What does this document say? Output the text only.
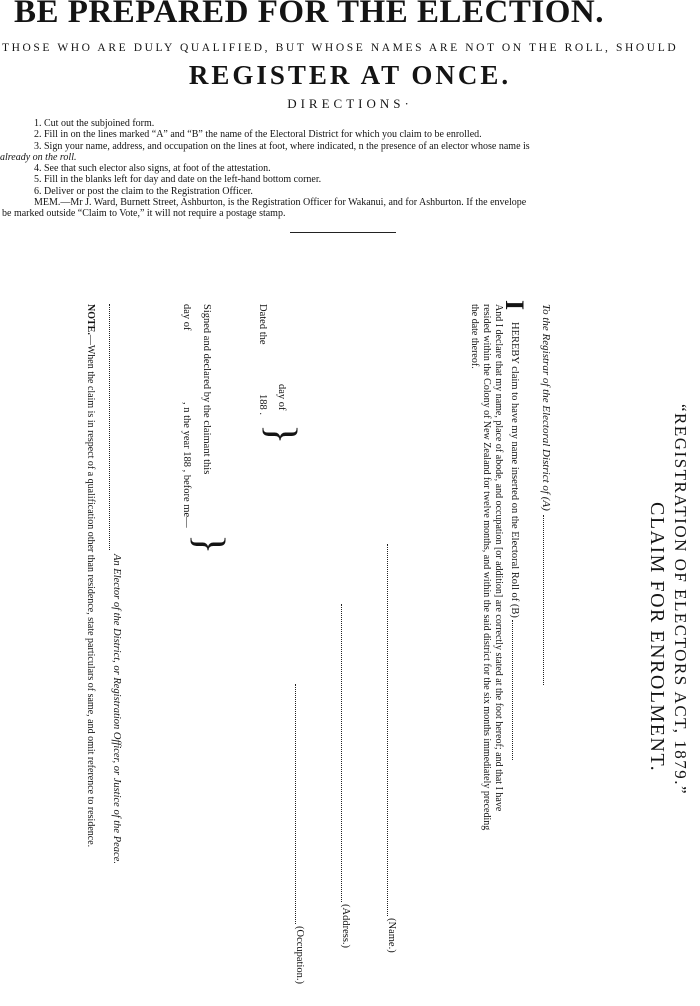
BE PREPARED FOR THE ELECTION.
THOSE WHO ARE DULY QUALIFIED, BUT WHOSE NAMES ARE NOT ON THE ROLL, SHOULD
REGISTER AT ONCE.
DIRECTIONS·
1. Cut out the subjoined form.
2. Fill in on the lines marked “A” and “B” the name of the Electoral District for which you claim to be enrolled.
3. Sign your name, address, and occupation on the lines at foot, where indicated, n the presence of an elector whose name is
already on the roll.
4. See that such elector also signs, at foot of the attestation.
5. Fill in the blanks left for day and date on the left-hand bottom corner.
6. Deliver or post the claim to the Registration Officer.
MEM.—Mr J. Ward, Burnett Street, Ashburton, is the Registration Officer for Wakanui, and for Ashburton. If the envelope
be marked outside “Claim to Vote,” it will not require a postage stamp.
“REGISTRATION OF ELECTORS ACT, 1879.”
CLAIM FOR ENROLMENT.
To the Registrar of the Electoral District of (A)
I
HEREBY claim to have my name inserted on the Electoral Roll of (B)
And I declare that my name, place of abode, and occupation [or addition] are correctly stated at the foot hereof; and that I have
resided within the Colony of New Zealand for twelve months, and within the said district for the six months immediately preceding
the date thereof.
(Name.)
(Address.)
(Occupation.)
Dated the
day of
188 .
}
Signed and declared by the claimant this
day of
, n the year 188 , before me—
}
An Elector of the District, or Registration Officer, or Justice of the Peace.
NOTE.—When the claim is in respect of a qualification other than residence, state particulars of same, and omit reference to residence.
